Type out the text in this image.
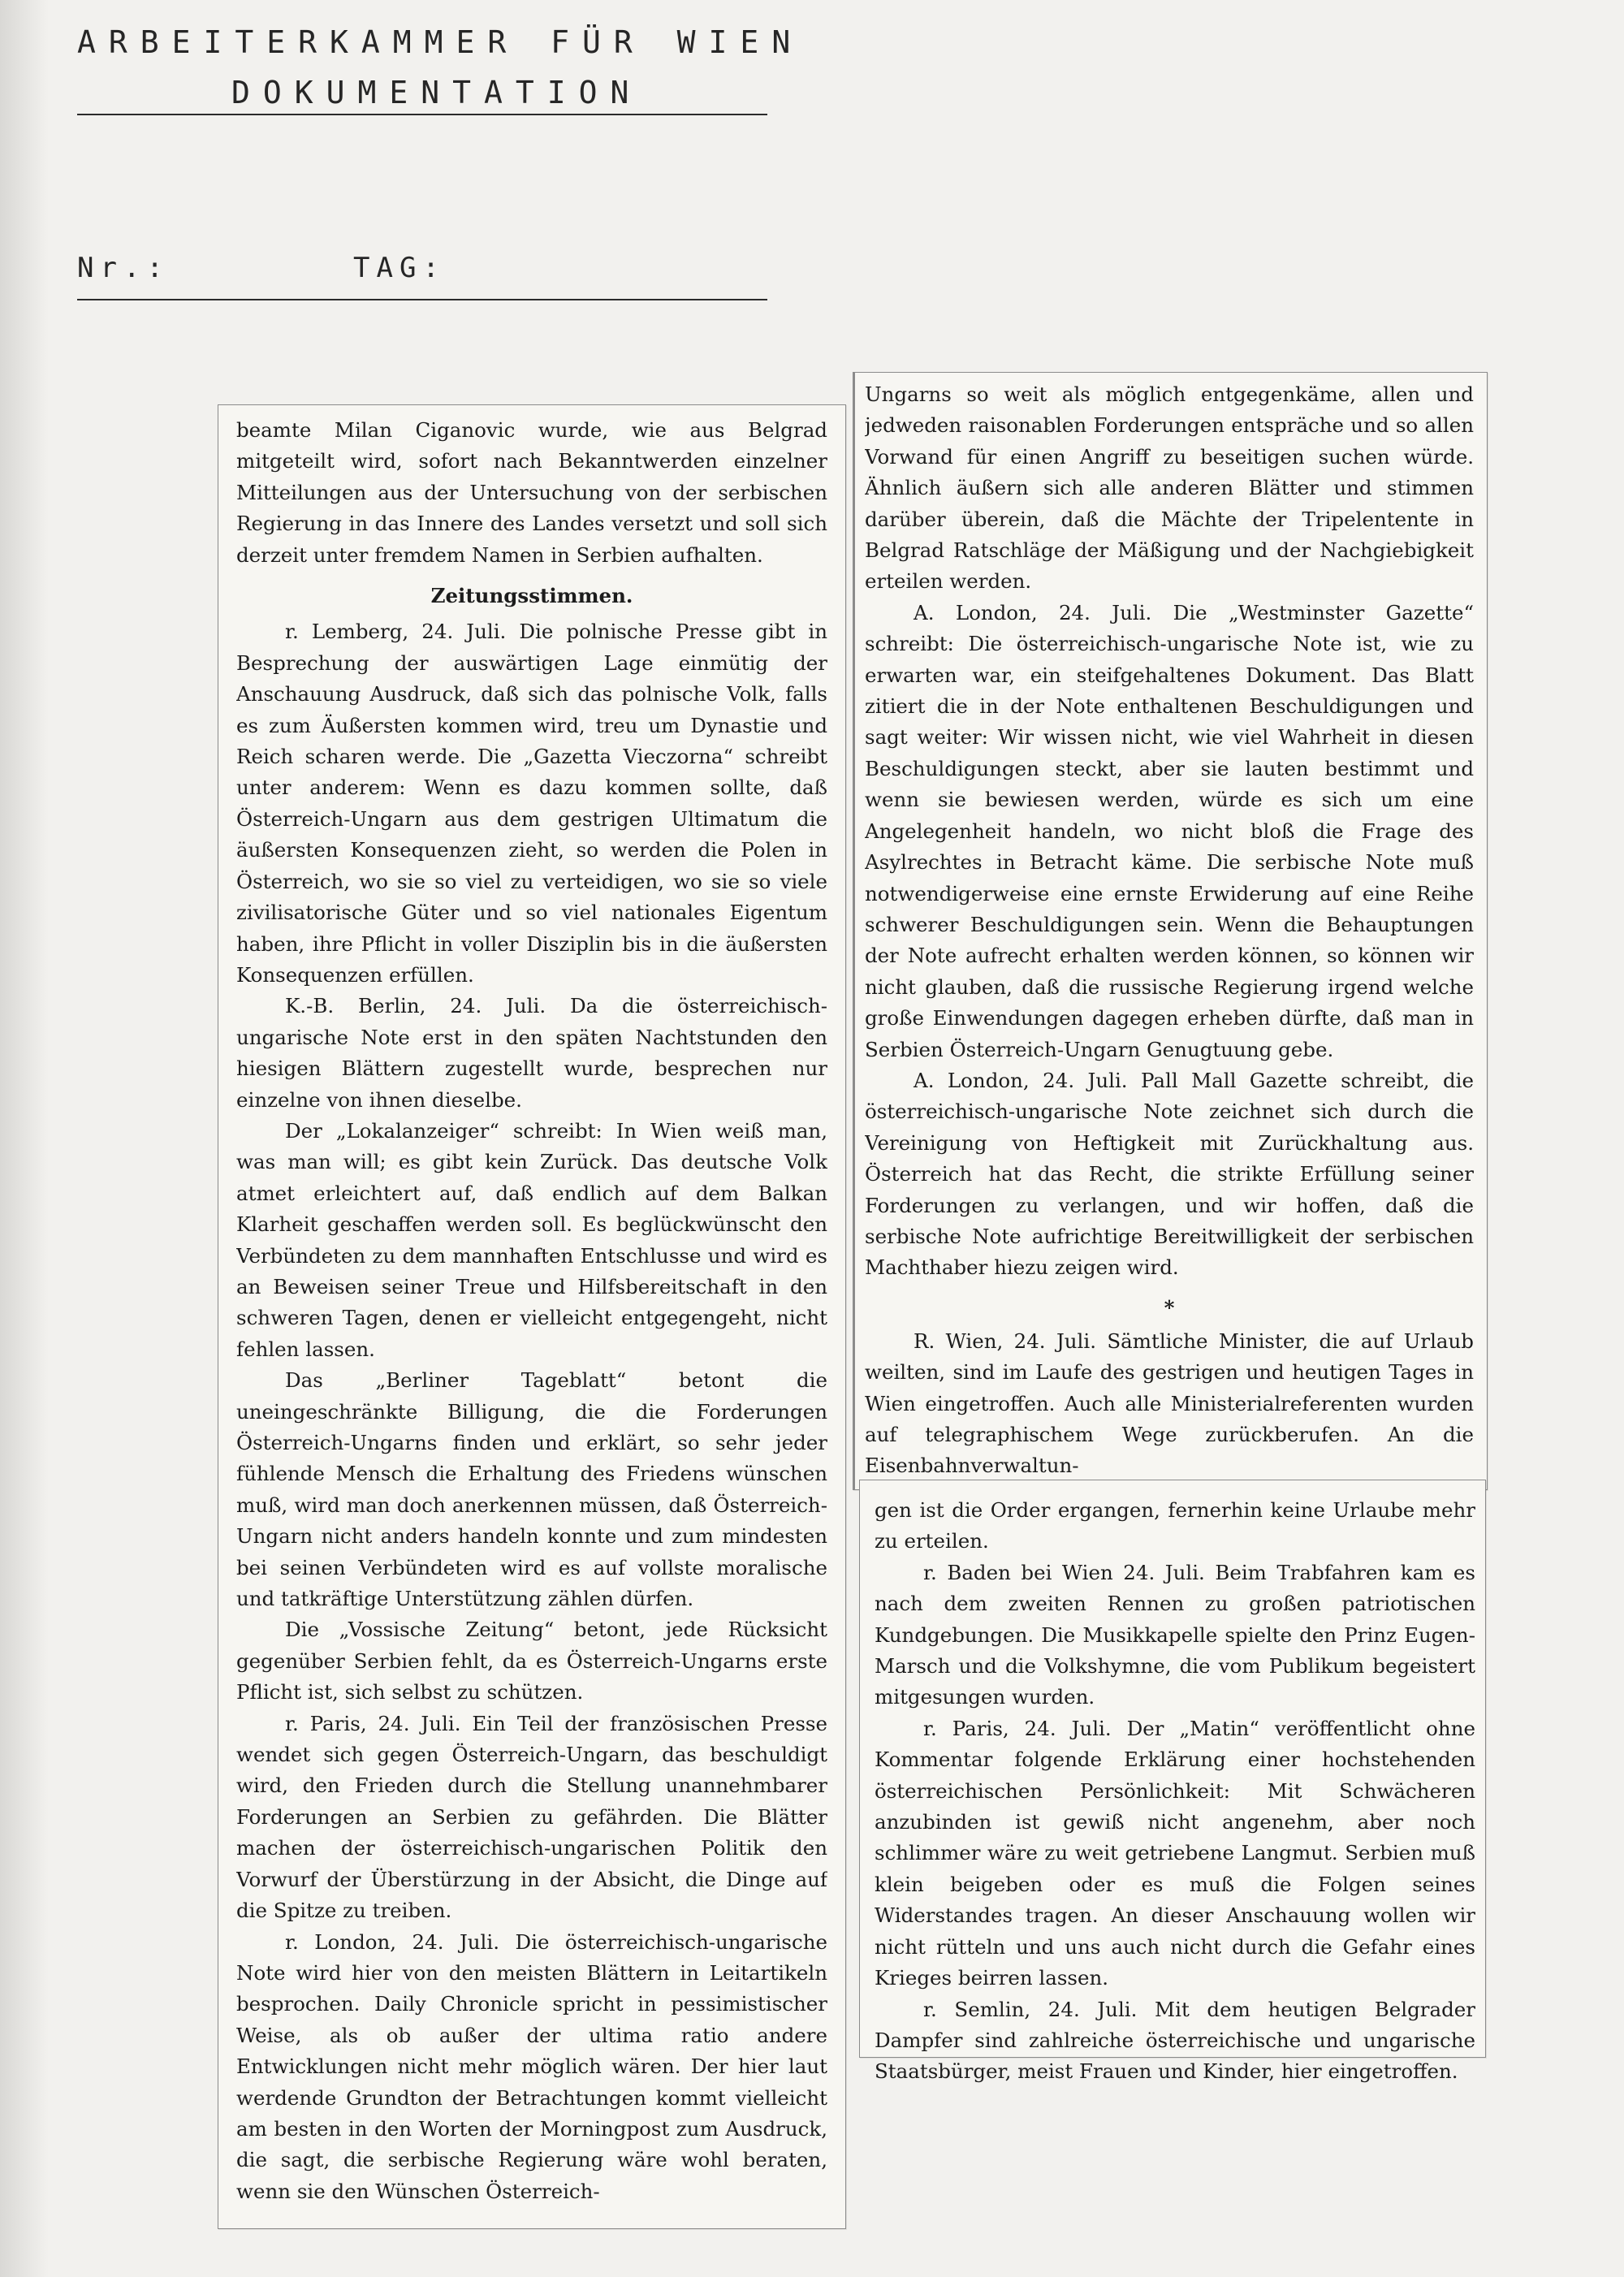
ARBEITERKAMMER FÜR WIEN
DOKUMENTATION
Nr.:	TAG:

beamte Milan Ciganovic wurde, wie aus Belgrad mitgeteilt wird, sofort nach Bekanntwerden einzelner Mitteilungen aus der Untersuchung von der serbischen Regierung in das Innere des Landes versetzt und soll sich derzeit unter fremdem Namen in Serbien aufhalten.

Zeitungsstimmen.

r. Lemberg, 24. Juli. Die polnische Presse gibt in Besprechung der auswärtigen Lage einmütig der Anschauung Ausdruck, daß sich das polnische Volk, falls es zum Äußersten kommen wird, treu um Dynastie und Reich scharen werde. Die „Gazetta Vieczorna“ schreibt unter anderem: Wenn es dazu kommen sollte, daß Österreich-Ungarn aus dem gestrigen Ultimatum die äußersten Konsequenzen zieht, so werden die Polen in Österreich, wo sie so viel zu verteidigen, wo sie so viele zivilisatorische Güter und so viel nationales Eigentum haben, ihre Pflicht in voller Disziplin bis in die äußersten Konsequenzen erfüllen.

K.-B. Berlin, 24. Juli. Da die österreichisch-ungarische Note erst in den späten Nachtstunden den hiesigen Blättern zugestellt wurde, besprechen nur einzelne von ihnen dieselbe.

Der „Lokalanzeiger“ schreibt: In Wien weiß man, was man will; es gibt kein Zurück. Das deutsche Volk atmet erleichtert auf, daß endlich auf dem Balkan Klarheit geschaffen werden soll. Es beglückwünscht den Verbündeten zu dem mannhaften Entschlusse und wird es an Beweisen seiner Treue und Hilfsbereitschaft in den schweren Tagen, denen er vielleicht entgegengeht, nicht fehlen lassen.

Das „Berliner Tageblatt“ betont die uneingeschränkte Billigung, die die Forderungen Österreich-Ungarns finden und erklärt, so sehr jeder fühlende Mensch die Erhaltung des Friedens wünschen muß, wird man doch anerkennen müssen, daß Österreich-Ungarn nicht anders handeln konnte und zum mindesten bei seinen Verbündeten wird es auf vollste moralische und tatkräftige Unterstützung zählen dürfen.

Die „Vossische Zeitung“ betont, jede Rücksicht gegenüber Serbien fehlt, da es Österreich-Ungarns erste Pflicht ist, sich selbst zu schützen.

r. Paris, 24. Juli. Ein Teil der französischen Presse wendet sich gegen Österreich-Ungarn, das beschuldigt wird, den Frieden durch die Stellung unannehmbarer Forderungen an Serbien zu gefährden. Die Blätter machen der österreichisch-ungarischen Politik den Vorwurf der Überstürzung in der Absicht, die Dinge auf die Spitze zu treiben.

r. London, 24. Juli. Die österreichisch-ungarische Note wird hier von den meisten Blättern in Leitartikeln besprochen. Daily Chronicle spricht in pessimistischer Weise, als ob außer der ultima ratio andere Entwicklungen nicht mehr möglich wären. Der hier laut werdende Grundton der Betrachtungen kommt vielleicht am besten in den Worten der Morningpost zum Ausdruck, die sagt, die serbische Regierung wäre wohl beraten, wenn sie den Wünschen Österreich-

Ungarns so weit als möglich entgegenkäme, allen und jedweden raisonablen Forderungen entspräche und so allen Vorwand für einen Angriff zu beseitigen suchen würde. Ähnlich äußern sich alle anderen Blätter und stimmen darüber überein, daß die Mächte der Tripelentente in Belgrad Ratschläge der Mäßigung und der Nachgiebigkeit erteilen werden.

A. London, 24. Juli. Die „Westminster Gazette“ schreibt: Die österreichisch-ungarische Note ist, wie zu erwarten war, ein steifgehaltenes Dokument. Das Blatt zitiert die in der Note enthaltenen Beschuldigungen und sagt weiter: Wir wissen nicht, wie viel Wahrheit in diesen Beschuldigungen steckt, aber sie lauten bestimmt und wenn sie bewiesen werden, würde es sich um eine Angelegenheit handeln, wo nicht bloß die Frage des Asylrechtes in Betracht käme. Die serbische Note muß notwendigerweise eine ernste Erwiderung auf eine Reihe schwerer Beschuldigungen sein. Wenn die Behauptungen der Note aufrecht erhalten werden können, so können wir nicht glauben, daß die russische Regierung irgend welche große Einwendungen dagegen erheben dürfte, daß man in Serbien Österreich-Ungarn Genugtuung gebe.

A. London, 24. Juli. Pall Mall Gazette schreibt, die österreichisch-ungarische Note zeichnet sich durch die Vereinigung von Heftigkeit mit Zurückhaltung aus. Österreich hat das Recht, die strikte Erfüllung seiner Forderungen zu verlangen, und wir hoffen, daß die serbische Note aufrichtige Bereitwilligkeit der serbischen Machthaber hiezu zeigen wird.

*

R. Wien, 24. Juli. Sämtliche Minister, die auf Urlaub weilten, sind im Laufe des gestrigen und heutigen Tages in Wien eingetroffen. Auch alle Ministerialreferenten wurden auf telegraphischem Wege zurückberufen. An die Eisenbahnverwaltun-

gen ist die Order ergangen, fernerhin keine Urlaube mehr zu erteilen.

r. Baden bei Wien 24. Juli. Beim Trabfahren kam es nach dem zweiten Rennen zu großen patriotischen Kundgebungen. Die Musikkapelle spielte den Prinz Eugen-Marsch und die Volkshymne, die vom Publikum begeistert mitgesungen wurden.

r. Paris, 24. Juli. Der „Matin“ veröffentlicht ohne Kommentar folgende Erklärung einer hochstehenden österreichischen Persönlichkeit: Mit Schwächeren anzubinden ist gewiß nicht angenehm, aber noch schlimmer wäre zu weit getriebene Langmut. Serbien muß klein beigeben oder es muß die Folgen seines Widerstandes tragen. An dieser Anschauung wollen wir nicht rütteln und uns auch nicht durch die Gefahr eines Krieges beirren lassen.

r. Semlin, 24. Juli. Mit dem heutigen Belgrader Dampfer sind zahlreiche österreichische und ungarische Staatsbürger, meist Frauen und Kinder, hier eingetroffen.
